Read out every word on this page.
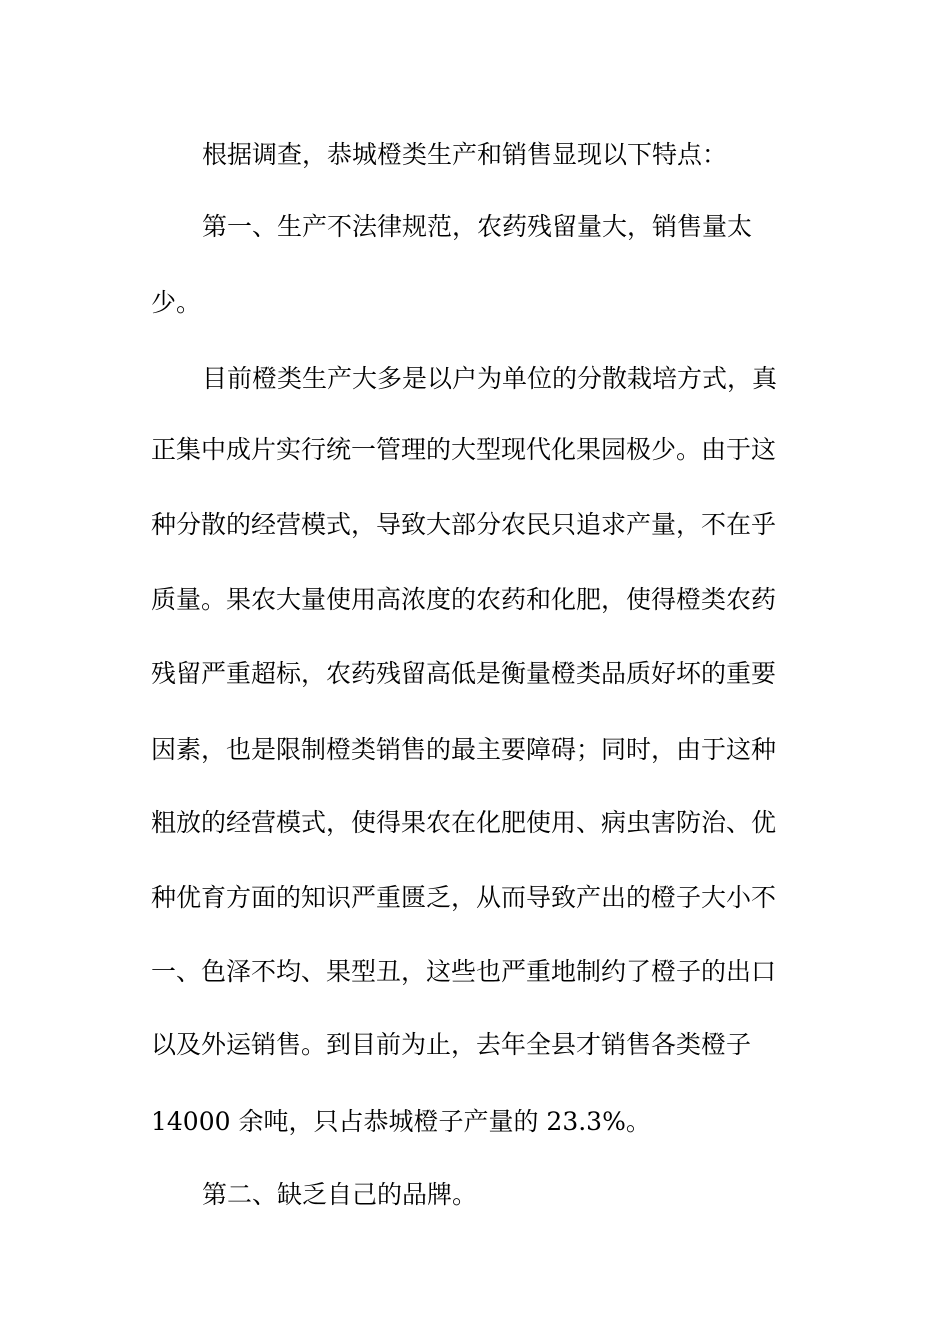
根据调查，恭城橙类生产和销售显现以下特点：
第一、生产不法律规范，农药残留量大，销售量太
少。
目前橙类生产大多是以户为单位的分散栽培方式，真
正集中成片实行统一管理的大型现代化果园极少。由于这
种分散的经营模式，导致大部分农民只追求产量，不在乎
质量。果农大量使用高浓度的农药和化肥，使得橙类农药
残留严重超标，农药残留高低是衡量橙类品质好坏的重要
因素，也是限制橙类销售的最主要障碍；同时，由于这种
粗放的经营模式，使得果农在化肥使用、病虫害防治、优
种优育方面的知识严重匮乏，从而导致产出的橙子大小不
一、色泽不均、果型丑，这些也严重地制约了橙子的出口
以及外运销售。到目前为止，去年全县才销售各类橙子
14000 余吨，只占恭城橙子产量的 23.3%。
第二、缺乏自己的品牌。
